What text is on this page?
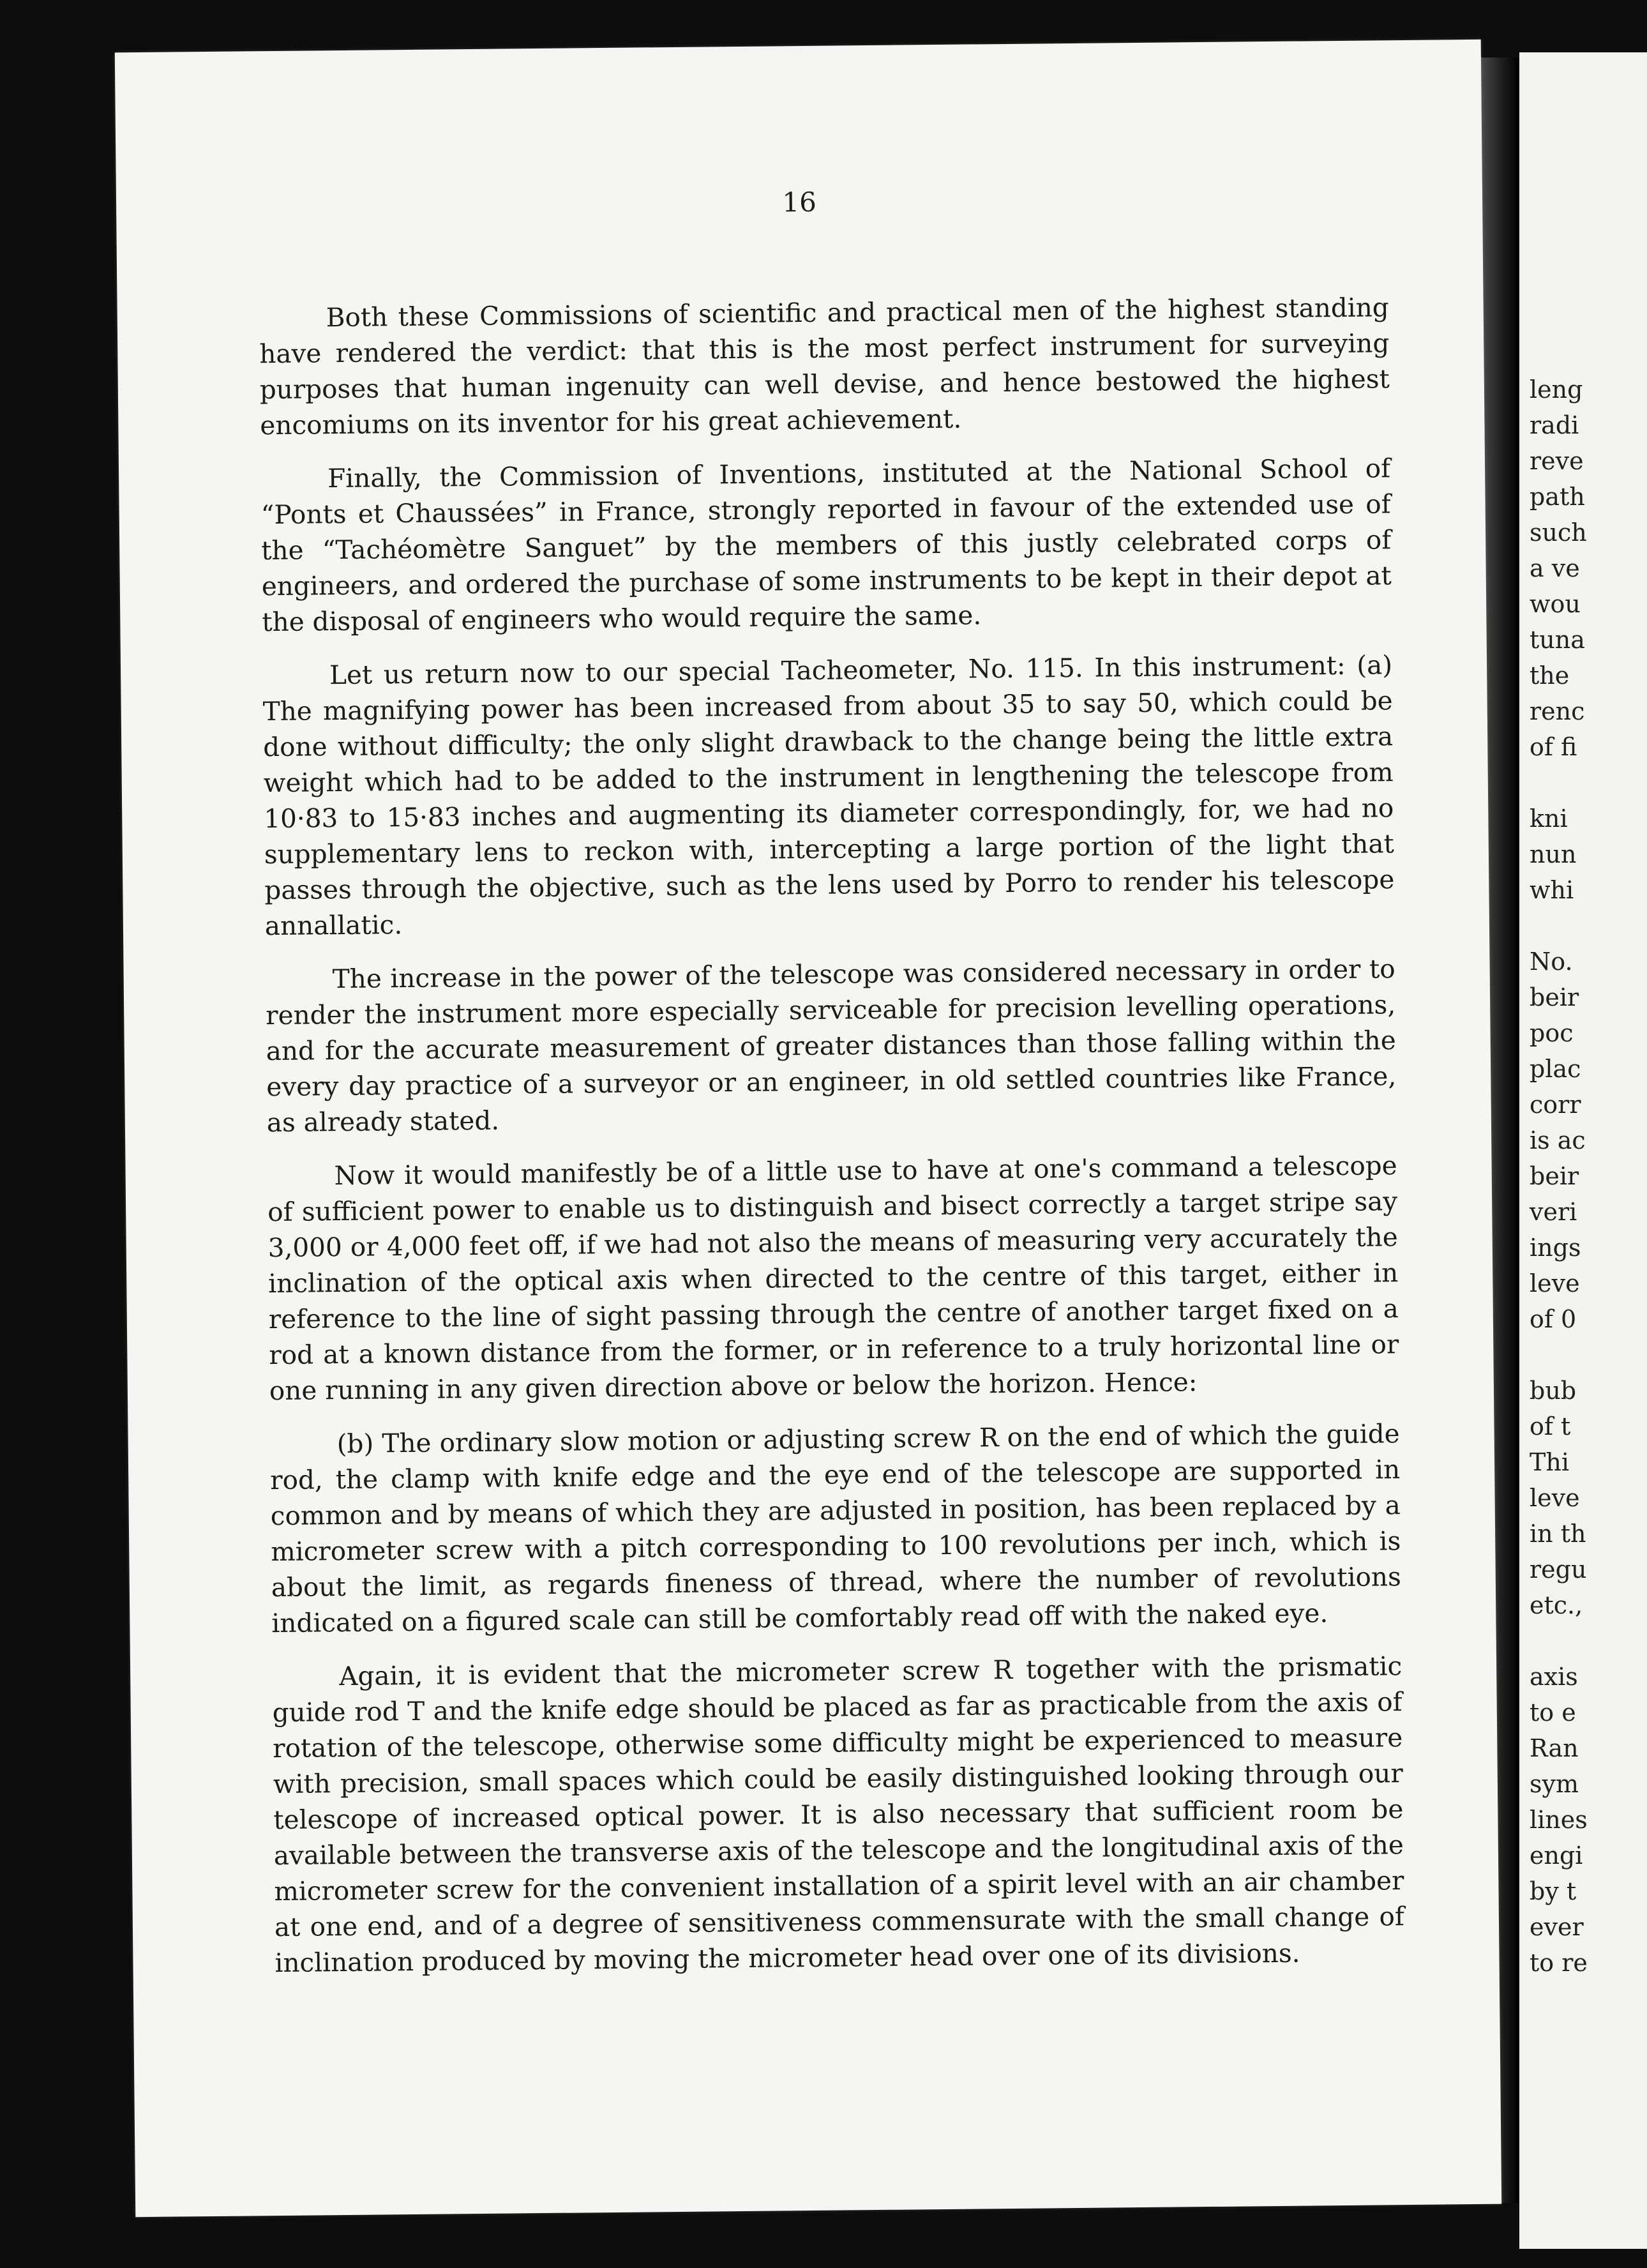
leng
radi
reve
path
such
a ve
wou
tuna
the
renc
of fi

kni
nun
whi

No.
beir
poc
plac
corr
is ac
beir
veri
ings
leve
of 0

bub
of t
Thi
leve
in th
regu
etc.,

axis
to e
Ran
sym
lines
engi
by t
ever
to re
16

Both these Commissions of scientific and practical men of the highest standing have rendered the verdict: that this is the most perfect instrument for surveying purposes that human ingenuity can well devise, and hence bestowed the highest encomiums on its inventor for his great achievement.

Finally, the Commission of Inventions, instituted at the National School of “Ponts et Chaussées” in France, strongly reported in favour of the extended use of the “Tachéomètre Sanguet” by the members of this justly celebrated corps of engineers, and ordered the purchase of some instruments to be kept in their depot at the disposal of engineers who would require the same.

Let us return now to our special Tacheometer, No. 115. In this instrument: (a) The magnifying power has been increased from about 35 to say 50, which could be done without difficulty; the only slight drawback to the change being the little extra weight which had to be added to the instrument in lengthening the telescope from 10·83 to 15·83 inches and augmenting its diameter correspondingly, for, we had no supplementary lens to reckon with, intercepting a large portion of the light that passes through the objective, such as the lens used by Porro to render his telescope annallatic.

The increase in the power of the telescope was considered necessary in order to render the instrument more especially serviceable for precision levelling operations, and for the accurate measurement of greater distances than those falling within the every day practice of a surveyor or an engineer, in old settled countries like France, as already stated.

Now it would manifestly be of a little use to have at one's command a telescope of sufficient power to enable us to distinguish and bisect correctly a target stripe say 3,000 or 4,000 feet off, if we had not also the means of measuring very accurately the inclination of the optical axis when directed to the centre of this target, either in reference to the line of sight passing through the centre of another target fixed on a rod at a known distance from the former, or in reference to a truly horizontal line or one running in any given direction above or below the horizon. Hence:

(b) The ordinary slow motion or adjusting screw R on the end of which the guide rod, the clamp with knife edge and the eye end of the telescope are supported in common and by means of which they are adjusted in position, has been replaced by a micrometer screw with a pitch corresponding to 100 revolutions per inch, which is about the limit, as regards fineness of thread, where the number of revolutions indicated on a figured scale can still be comfortably read off with the naked eye.

Again, it is evident that the micrometer screw R together with the prismatic guide rod T and the knife edge should be placed as far as practicable from the axis of rotation of the telescope, otherwise some difficulty might be experienced to measure with precision, small spaces which could be easily distinguished looking through our telescope of increased optical power. It is also necessary that sufficient room be available between the transverse axis of the telescope and the longitudinal axis of the micrometer screw for the convenient installation of a spirit level with an air chamber at one end, and of a degree of sensitiveness commensurate with the small change of inclination produced by moving the micrometer head over one of its divisions.
